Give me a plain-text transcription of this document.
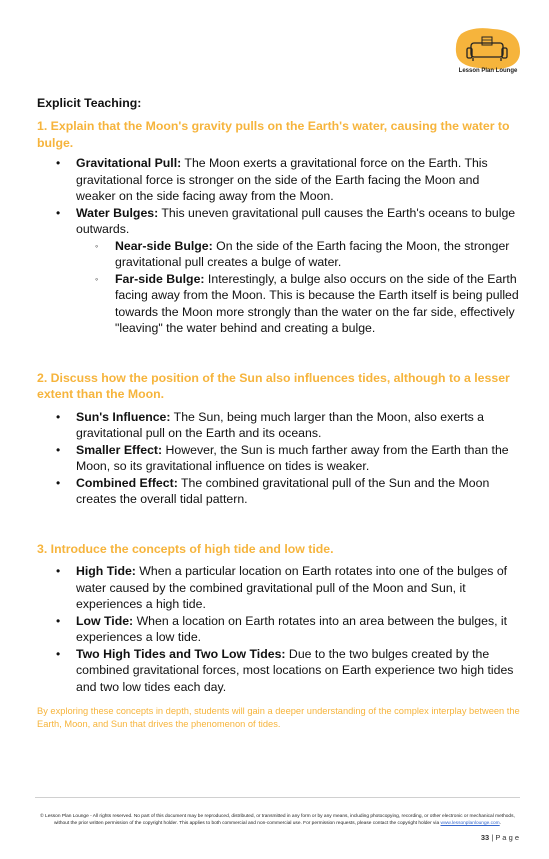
Lesson Plan Lounge

Explicit Teaching:

1. Explain that the Moon's gravity pulls on the Earth's water, causing the water to bulge.

• Gravitational Pull: The Moon exerts a gravitational force on the Earth. This gravitational force is stronger on the side of the Earth facing the Moon and weaker on the side facing away from the Moon.
• Water Bulges: This uneven gravitational pull causes the Earth's oceans to bulge outwards.
◦ Near-side Bulge: On the side of the Earth facing the Moon, the stronger gravitational pull creates a bulge of water.
◦ Far-side Bulge: Interestingly, a bulge also occurs on the side of the Earth facing away from the Moon. This is because the Earth itself is being pulled towards the Moon more strongly than the water on the far side, effectively "leaving" the water behind and creating a bulge.

2. Discuss how the position of the Sun also influences tides, although to a lesser extent than the Moon.

• Sun's Influence: The Sun, being much larger than the Moon, also exerts a gravitational pull on the Earth and its oceans.
• Smaller Effect: However, the Sun is much farther away from the Earth than the Moon, so its gravitational influence on tides is weaker.
• Combined Effect: The combined gravitational pull of the Sun and the Moon creates the overall tidal pattern.

3. Introduce the concepts of high tide and low tide.

• High Tide: When a particular location on Earth rotates into one of the bulges of water caused by the combined gravitational pull of the Moon and Sun, it experiences a high tide.
• Low Tide: When a location on Earth rotates into an area between the bulges, it experiences a low tide.
• Two High Tides and Two Low Tides: Due to the two bulges created by the combined gravitational forces, most locations on Earth experience two high tides and two low tides each day.

By exploring these concepts in depth, students will gain a deeper understanding of the complex interplay between the Earth, Moon, and Sun that drives the phenomenon of tides.

© Lesson Plan Lounge - All rights reserved. No part of this document may be reproduced, distributed, or transmitted in any form or by any means, including photocopying, recording, or other electronic or mechanical methods, without the prior written permission of the copyright holder. This applies to both commercial and non-commercial use. For permission requests, please contact the copyright holder via www.lessonplanlounge.com.
33 | P a g e
